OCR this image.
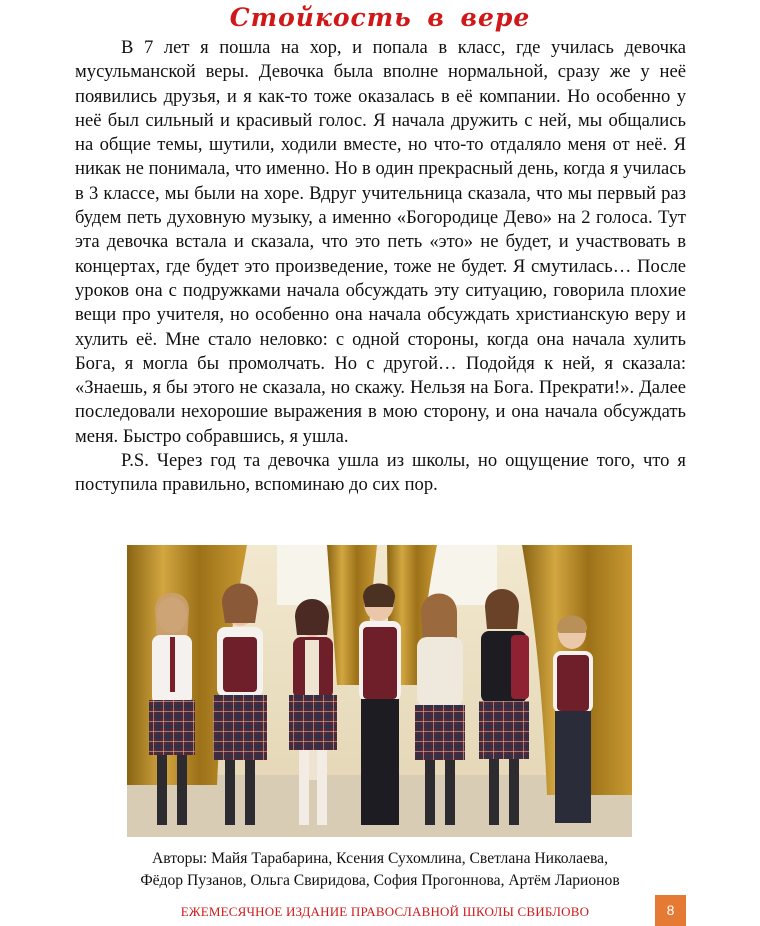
Стойкость в вере

В 7 лет я пошла на хор, и попала в класс, где училась девочка мусульманской веры. Девочка была вполне нормальной, сразу же у неё появились друзья, и я как-то тоже оказалась в её компании. Но особенно у неё был сильный и красивый голос. Я начала дружить с ней, мы общались на общие темы, шутили, ходили вместе, но что-то отдаляло меня от неё. Я никак не понимала, что именно. Но в один прекрасный день, когда я училась в 3 классе, мы были на хоре. Вдруг учительница сказала, что мы первый раз будем петь духовную музыку, а именно «Богородице Дево» на 2 голоса. Тут эта девочка встала и сказала, что это петь «это» не будет, и участвовать в концертах, где будет это произведение, тоже не будет. Я смутилась… После уроков она с подружками начала обсуждать эту ситуацию, говорила плохие вещи про учителя, но особенно она начала обсуждать христианскую веру и хулить её. Мне стало неловко: с одной стороны, когда она начала хулить Бога, я могла бы промолчать. Но с другой… Подойдя к ней, я сказала: «Знаешь, я бы этого не сказала, но скажу. Нельзя на Бога. Прекрати!». Далее последовали нехорошие выражения в мою сторону, и она начала обсуждать меня. Быстро собравшись, я ушла.

P.S. Через год та девочка ушла из школы, но ощущение того, что я поступила правильно, вспоминаю до сих пор.

Авторы: Майя Тарабарина, Ксения Сухомлина, Светлана Николаева,
Фёдор Пузанов, Ольга Свиридова, София Прогоннова, Артём Ларионов

ЕЖЕМЕСЯЧНОЕ ИЗДАНИЕ ПРАВОСЛАВНОЙ ШКОЛЫ СВИБЛОВО	8
